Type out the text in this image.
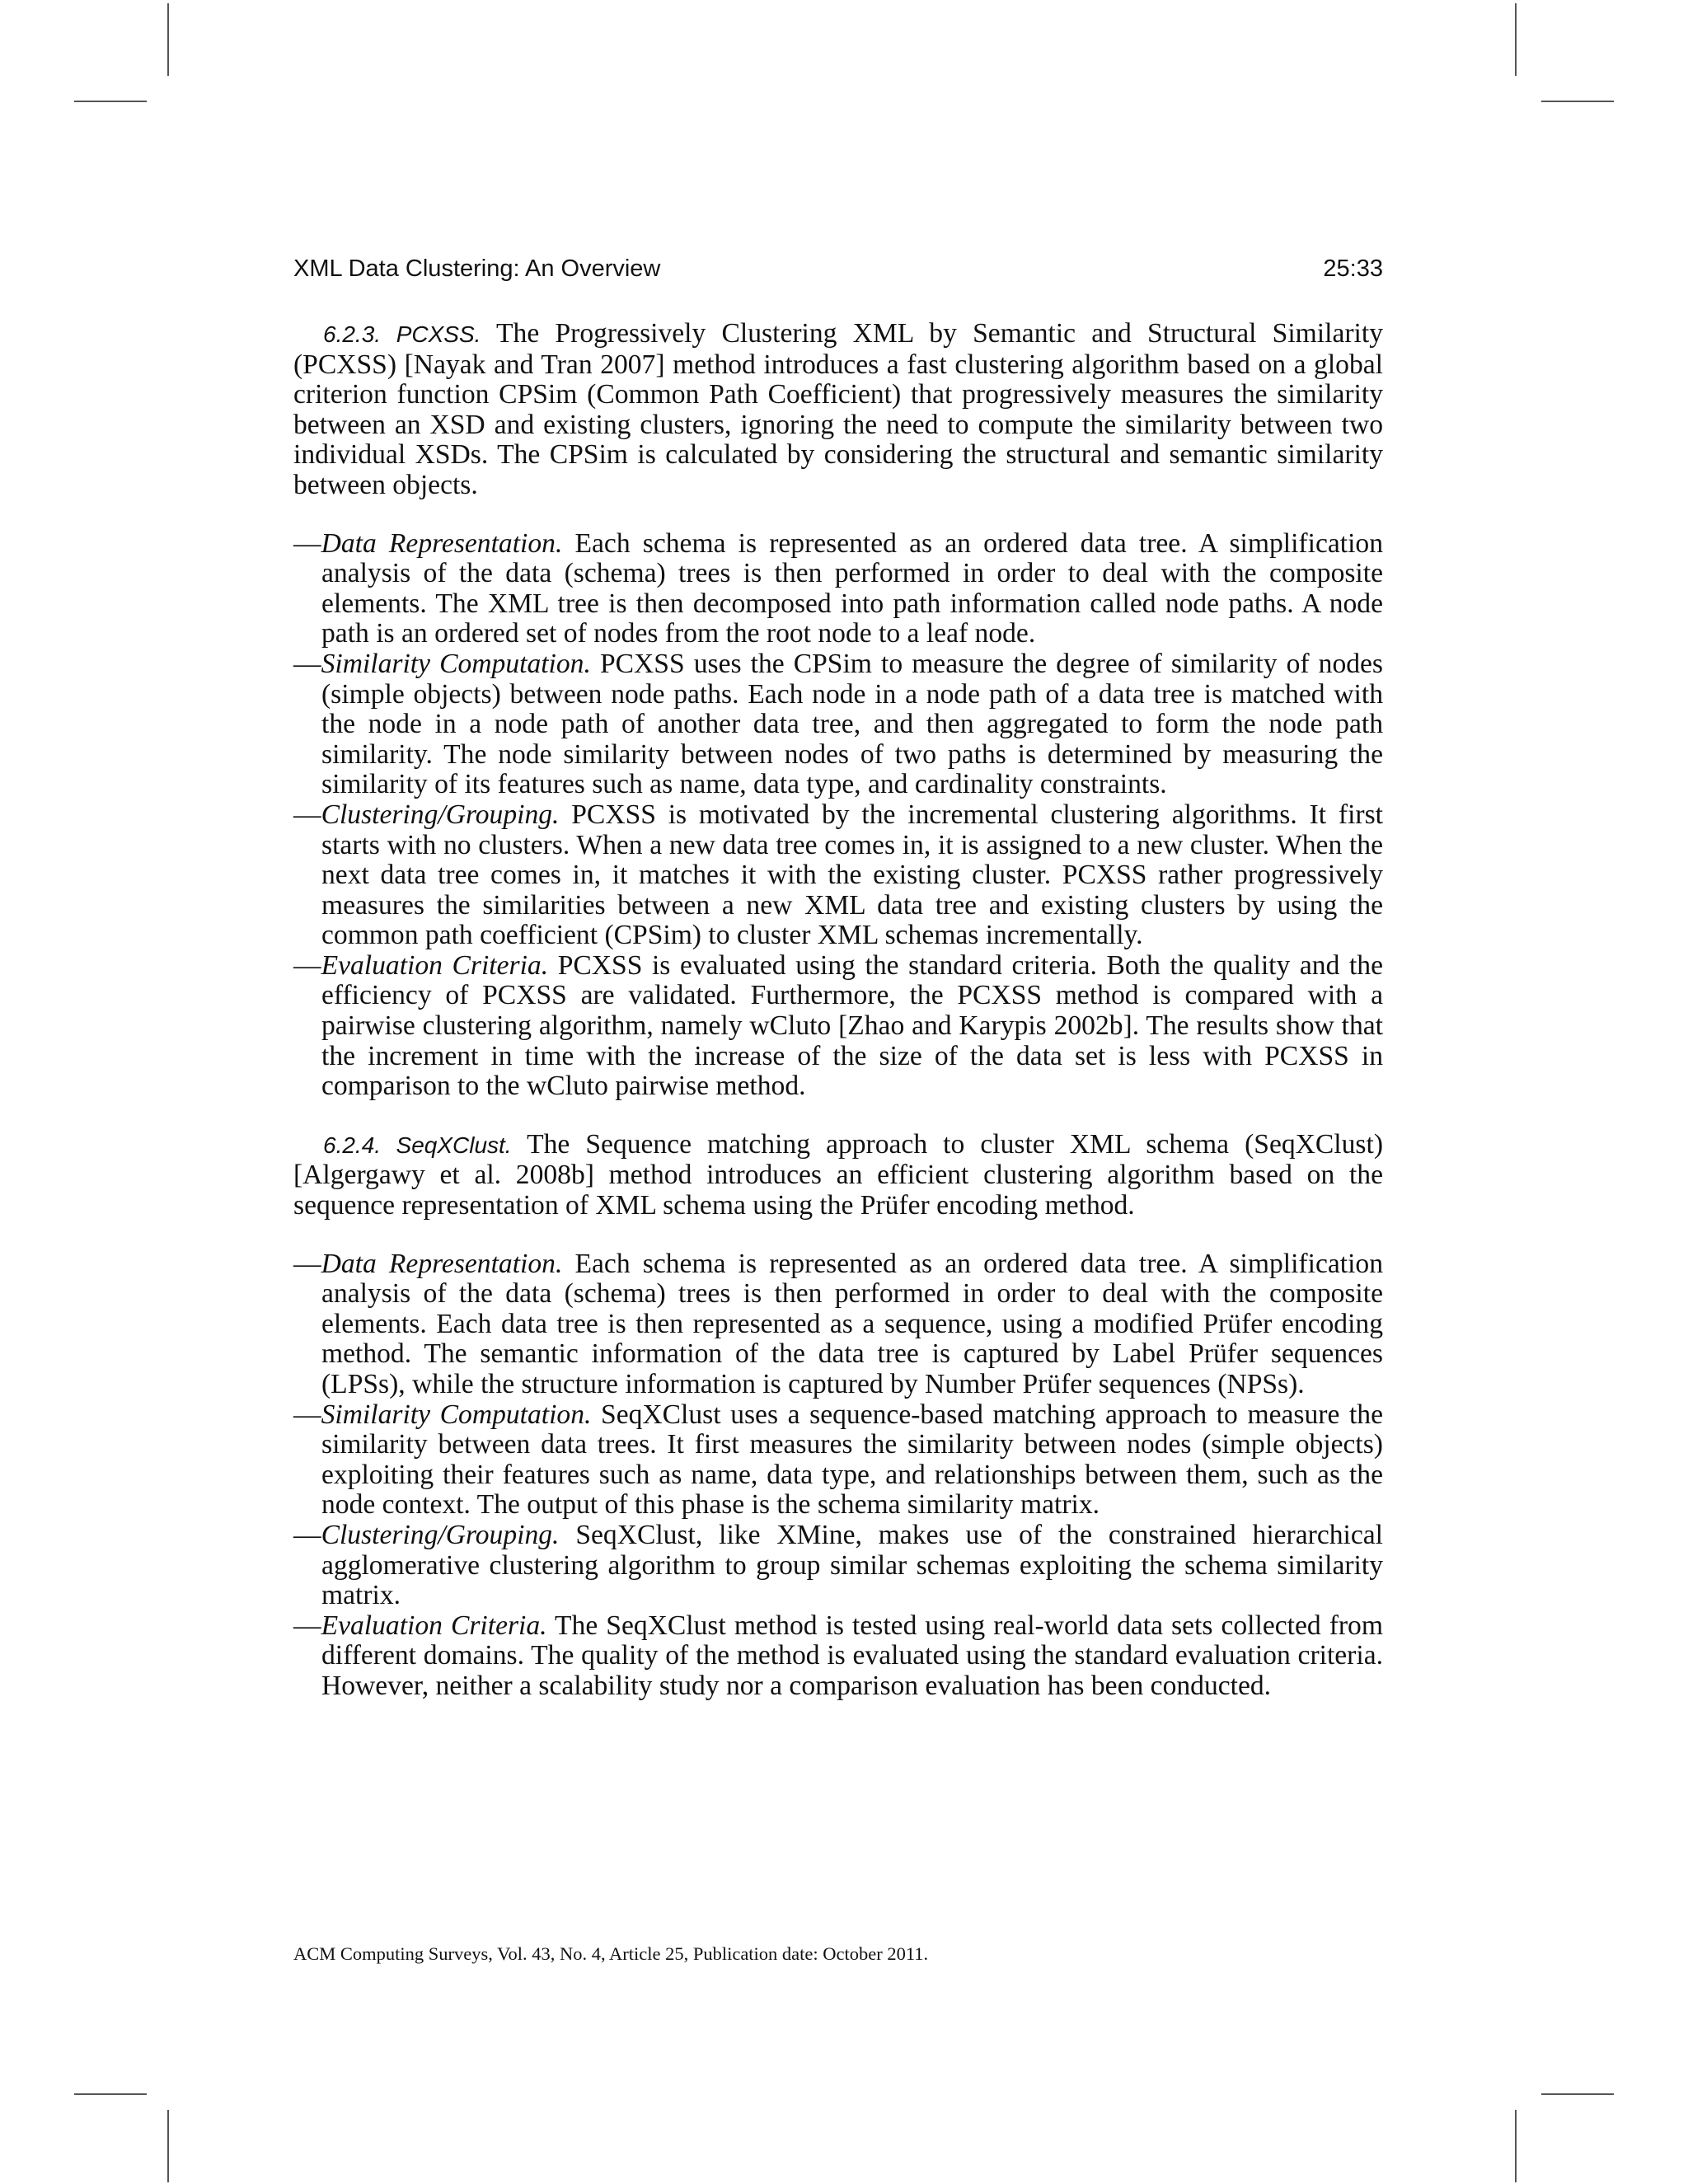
XML Data Clustering: An Overview	25:33

6.2.3. PCXSS. The Progressively Clustering XML by Semantic and Structural Similarity (PCXSS) [Nayak and Tran 2007] method introduces a fast clustering algorithm based on a global criterion function CPSim (Common Path Coefficient) that progressively measures the similarity between an XSD and existing clusters, ignoring the need to compute the similarity between two individual XSDs. The CPSim is calculated by considering the structural and semantic similarity between objects.

—Data Representation. Each schema is represented as an ordered data tree. A simplification analysis of the data (schema) trees is then performed in order to deal with the composite elements. The XML tree is then decomposed into path information called node paths. A node path is an ordered set of nodes from the root node to a leaf node.
—Similarity Computation. PCXSS uses the CPSim to measure the degree of similarity of nodes (simple objects) between node paths. Each node in a node path of a data tree is matched with the node in a node path of another data tree, and then aggregated to form the node path similarity. The node similarity between nodes of two paths is determined by measuring the similarity of its features such as name, data type, and cardinality constraints.
—Clustering/Grouping. PCXSS is motivated by the incremental clustering algorithms. It first starts with no clusters. When a new data tree comes in, it is assigned to a new cluster. When the next data tree comes in, it matches it with the existing cluster. PCXSS rather progressively measures the similarities between a new XML data tree and existing clusters by using the common path coefficient (CPSim) to cluster XML schemas incrementally.
—Evaluation Criteria. PCXSS is evaluated using the standard criteria. Both the quality and the efficiency of PCXSS are validated. Furthermore, the PCXSS method is compared with a pairwise clustering algorithm, namely wCluto [Zhao and Karypis 2002b]. The results show that the increment in time with the increase of the size of the data set is less with PCXSS in comparison to the wCluto pairwise method.

6.2.4. SeqXClust. The Sequence matching approach to cluster XML schema (SeqXClust) [Algergawy et al. 2008b] method introduces an efficient clustering algorithm based on the sequence representation of XML schema using the Prüfer encoding method.

—Data Representation. Each schema is represented as an ordered data tree. A simplification analysis of the data (schema) trees is then performed in order to deal with the composite elements. Each data tree is then represented as a sequence, using a modified Prüfer encoding method. The semantic information of the data tree is captured by Label Prüfer sequences (LPSs), while the structure information is captured by Number Prüfer sequences (NPSs).
—Similarity Computation. SeqXClust uses a sequence-based matching approach to measure the similarity between data trees. It first measures the similarity between nodes (simple objects) exploiting their features such as name, data type, and relationships between them, such as the node context. The output of this phase is the schema similarity matrix.
—Clustering/Grouping. SeqXClust, like XMine, makes use of the constrained hierarchical agglomerative clustering algorithm to group similar schemas exploiting the schema similarity matrix.
—Evaluation Criteria. The SeqXClust method is tested using real-world data sets collected from different domains. The quality of the method is evaluated using the standard evaluation criteria. However, neither a scalability study nor a comparison evaluation has been conducted.
ACM Computing Surveys, Vol. 43, No. 4, Article 25, Publication date: October 2011.
